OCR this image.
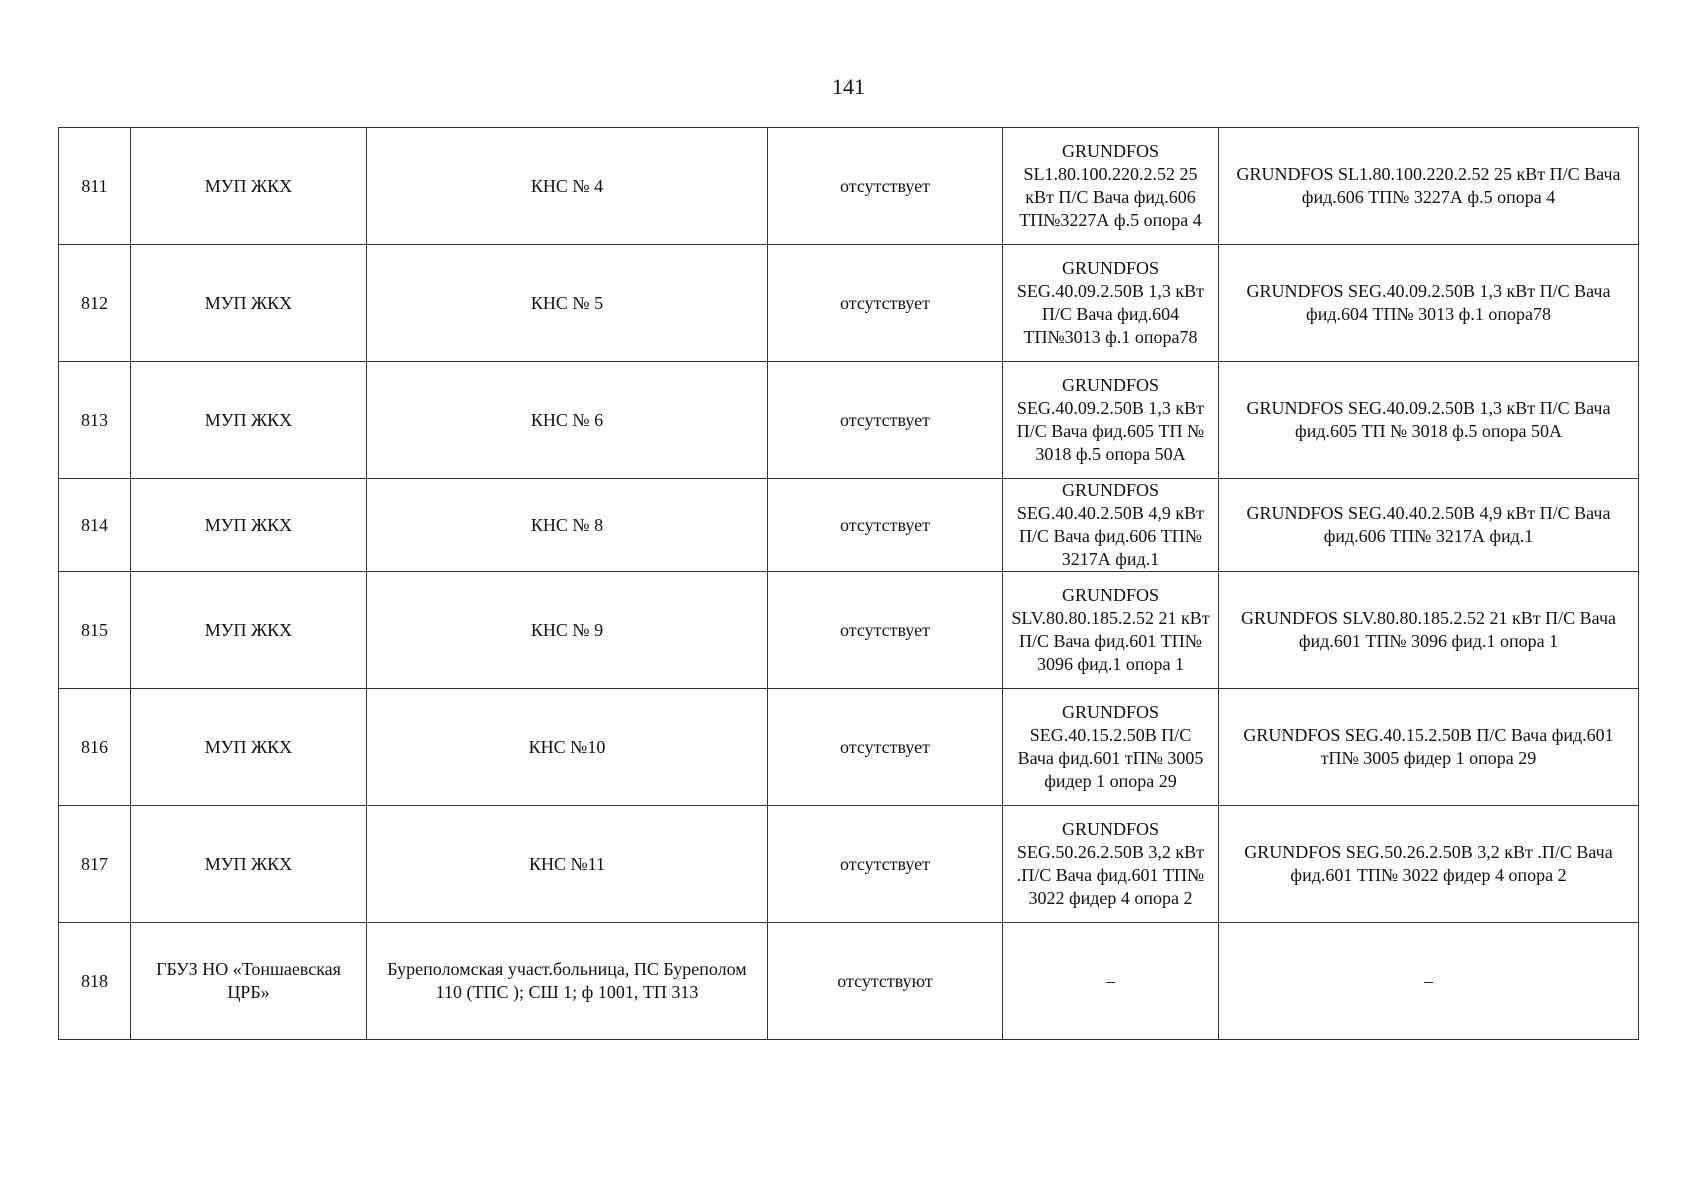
141
811	МУП ЖКХ	КНС № 4	отсутствует	GRUNDFOS SL1.80.100.220.2.52 25 кВт П/С Вача фид.606 ТП№3227А ф.5 опора 4	GRUNDFOS SL1.80.100.220.2.52 25 кВт П/С Вача фид.606 ТП№ 3227А ф.5 опора 4
812	МУП ЖКХ	КНС № 5	отсутствует	GRUNDFOS SEG.40.09.2.50В 1,3 кВт П/С Вача фид.604 ТП№3013 ф.1 опора78	GRUNDFOS SEG.40.09.2.50В 1,3 кВт П/С Вача фид.604 ТП№ 3013 ф.1 опора78
813	МУП ЖКХ	КНС № 6	отсутствует	GRUNDFOS SEG.40.09.2.50В 1,3 кВт П/С Вача фид.605 ТП № 3018 ф.5 опора 50А	GRUNDFOS SEG.40.09.2.50В 1,3 кВт П/С Вача фид.605 ТП № 3018 ф.5 опора 50А
814	МУП ЖКХ	КНС № 8	отсутствует	GRUNDFOS SEG.40.40.2.50В 4,9 кВт П/С Вача фид.606 ТП№ 3217А фид.1	GRUNDFOS SEG.40.40.2.50В 4,9 кВт П/С Вача фид.606 ТП№ 3217А фид.1
815	МУП ЖКХ	КНС № 9	отсутствует	GRUNDFOS SLV.80.80.185.2.52 21 кВт П/С Вача фид.601 ТП№ 3096 фид.1 опора 1	GRUNDFOS SLV.80.80.185.2.52 21 кВт П/С Вача фид.601 ТП№ 3096 фид.1 опора 1
816	МУП ЖКХ	КНС №10	отсутствует	GRUNDFOS SEG.40.15.2.50В П/С Вача фид.601 тП№ 3005 фидер 1 опора 29	GRUNDFOS SEG.40.15.2.50В П/С Вача фид.601 тП№ 3005 фидер 1 опора 29
817	МУП ЖКХ	КНС №11	отсутствует	GRUNDFOS SEG.50.26.2.50В 3,2 кВт .П/С Вача фид.601 ТП№ 3022 фидер 4 опора 2	GRUNDFOS SEG.50.26.2.50В 3,2 кВт .П/С Вача фид.601 ТП№ 3022 фидер 4 опора 2
818	ГБУЗ НО «Тоншаевская ЦРБ»	Буреполомская участ.больница, ПС Буреполом 110 (ТПС ); СШ 1; ф 1001, ТП 313	отсутствуют	–	–
